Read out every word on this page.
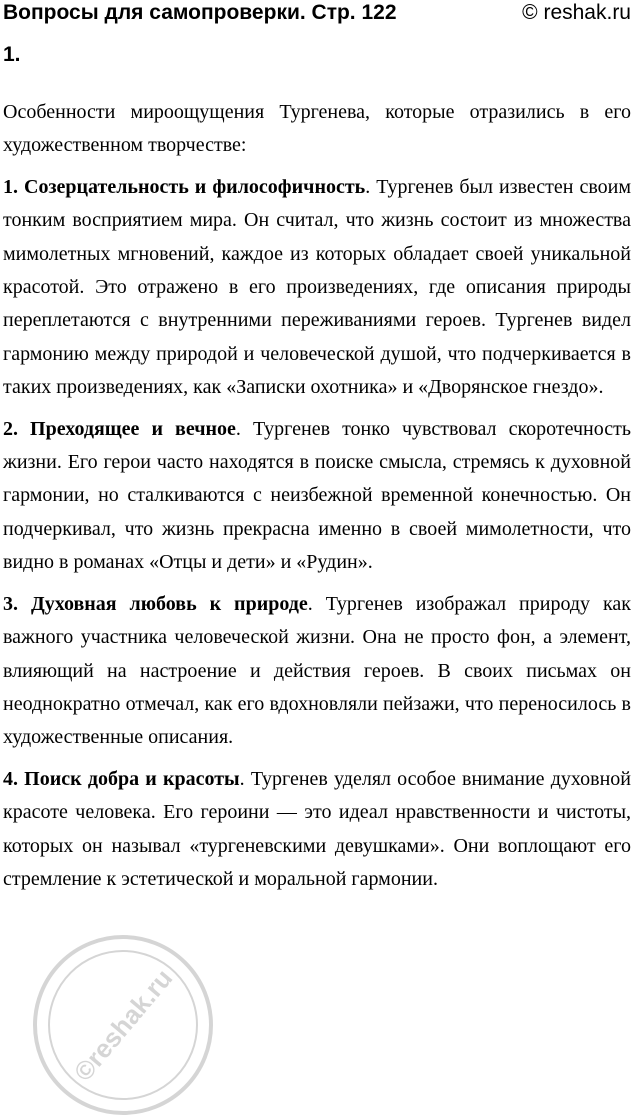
Вопросы для самопроверки. Стр. 122	© reshak.ru
1.

Особенности мироощущения Тургенева, которые отразились в его художественном творчестве:

1. Созерцательность и философичность. Тургенев был известен своим тонким восприятием мира. Он считал, что жизнь состоит из множества мимолетных мгновений, каждое из которых обладает своей уникальной красотой. Это отражено в его произведениях, где описания природы переплетаются с внутренними переживаниями героев. Тургенев видел гармонию между природой и человеческой душой, что подчеркивается в таких произведениях, как «Записки охотника» и «Дворянское гнездо».

2. Преходящее и вечное. Тургенев тонко чувствовал скоротечность жизни. Его герои часто находятся в поиске смысла, стремясь к духовной гармонии, но сталкиваются с неизбежной временной конечностью. Он подчеркивал, что жизнь прекрасна именно в своей мимолетности, что видно в романах «Отцы и дети» и «Рудин».

3. Духовная любовь к природе. Тургенев изображал природу как важного участника человеческой жизни. Она не просто фон, а элемент, влияющий на настроение и действия героев. В своих письмах он неоднократно отмечал, как его вдохновляли пейзажи, что переносилось в художественные описания.

4. Поиск добра и красоты. Тургенев уделял особое внимание духовной красоте человека. Его героини — это идеал нравственности и чистоты, которых он называл «тургеневскими девушками». Они воплощают его стремление к эстетической и моральной гармонии.

©reshak.ru
